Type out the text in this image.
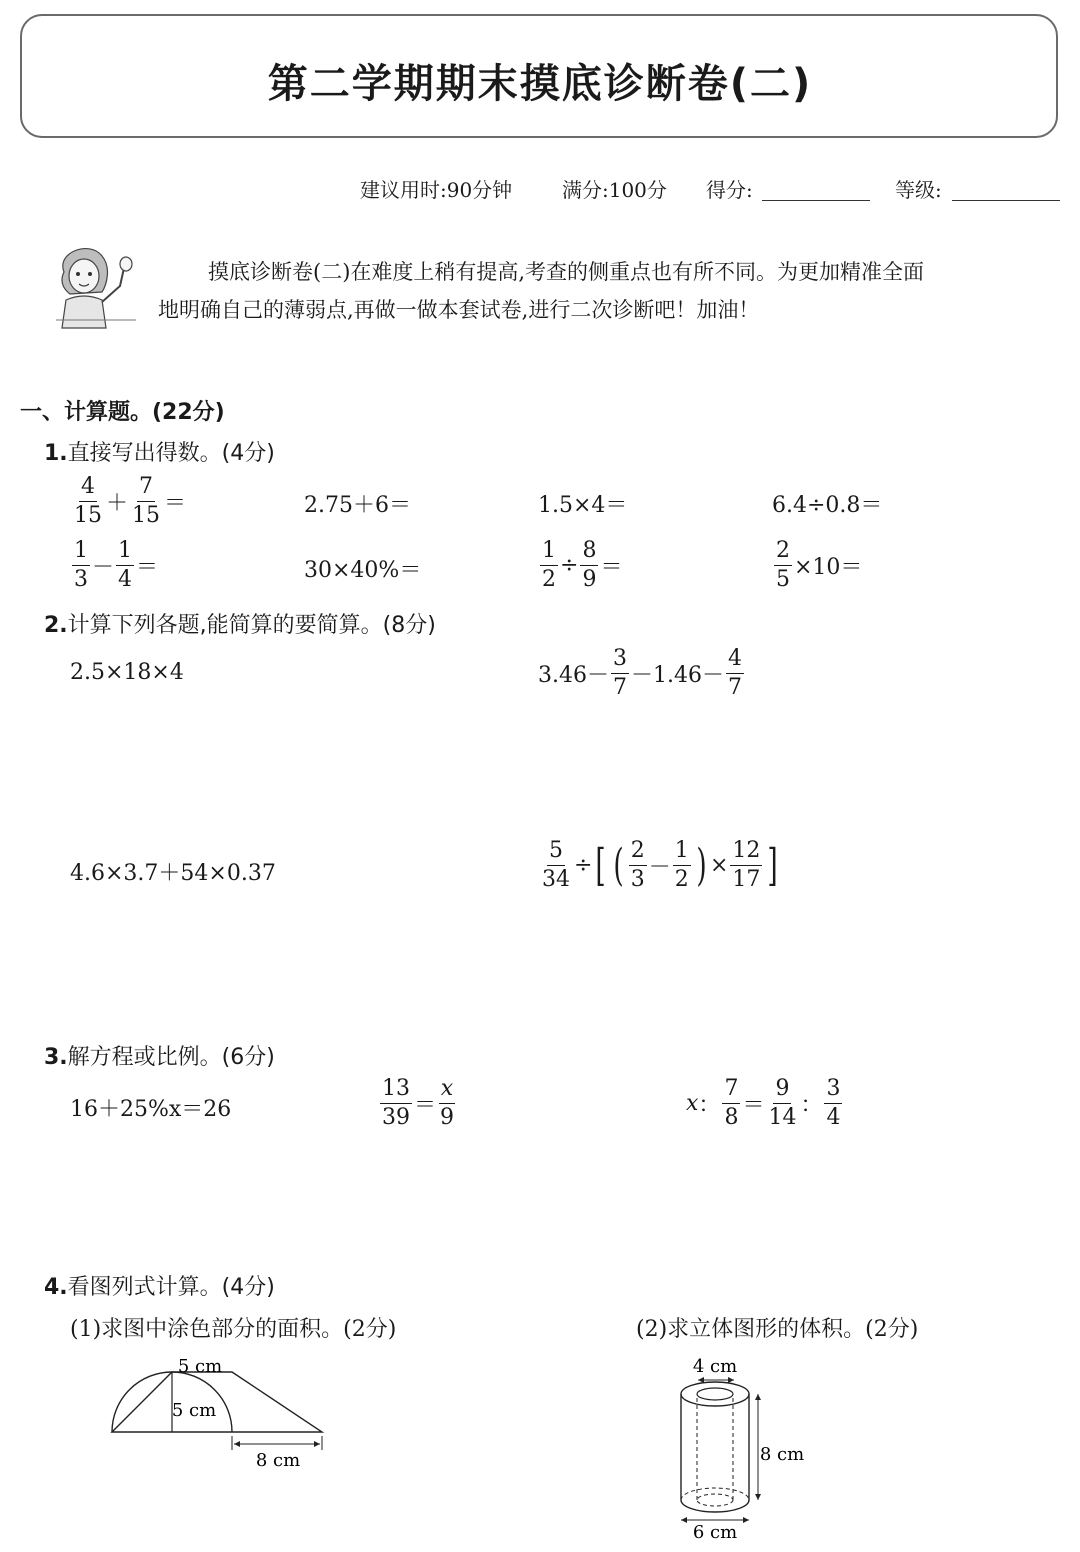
第二学期期末摸底诊断卷(二)
建议用时:90分钟 满分:100分 得分:	等级:
摸底诊断卷(二)在难度上稍有提高,考查的侧重点也有所不同。为更加精准全面
地明确自己的薄弱点,再做一做本套试卷,进行二次诊断吧！加油！
一、计算题。(22分)
1.直接写出得数。(4分)
$\frac{4}{15} + \frac{7}{15}$ ＝	2.75＋6＝	1.5×4＝	6.4÷0.8＝
$\frac{1}{3} - \frac{1}{4}$ ＝	30×40%＝	$\frac{1}{2} \div \frac{8}{9}$ ＝	$\frac{2}{5} \times 10=$
2.计算下列各题,能简算的要简算。(8分)
2.5×18×4	$3.46- \frac{3}{7} -1.46- \frac{4}{7}$
4.6×3.7＋54×0.37	$\frac{5}{34}$ ÷ [ ( $\frac{2}{3} - \frac{1}{2}$ ) × $\frac{12}{17}$ ]
3.解方程或比例。(6分)
16＋25%x＝26	$\frac{13}{39} = \frac{x}{9}$	x ： $\frac{7}{8} = \frac{9}{14}$ ： $\frac{3}{4}$
4.看图列式计算。(4分)
(1)求图中涂色部分的面积。(2分)	(2)求立体图形的体积。(2分)
5 cm
5 cm
8 cm
4 cm
8 cm
6 cm
